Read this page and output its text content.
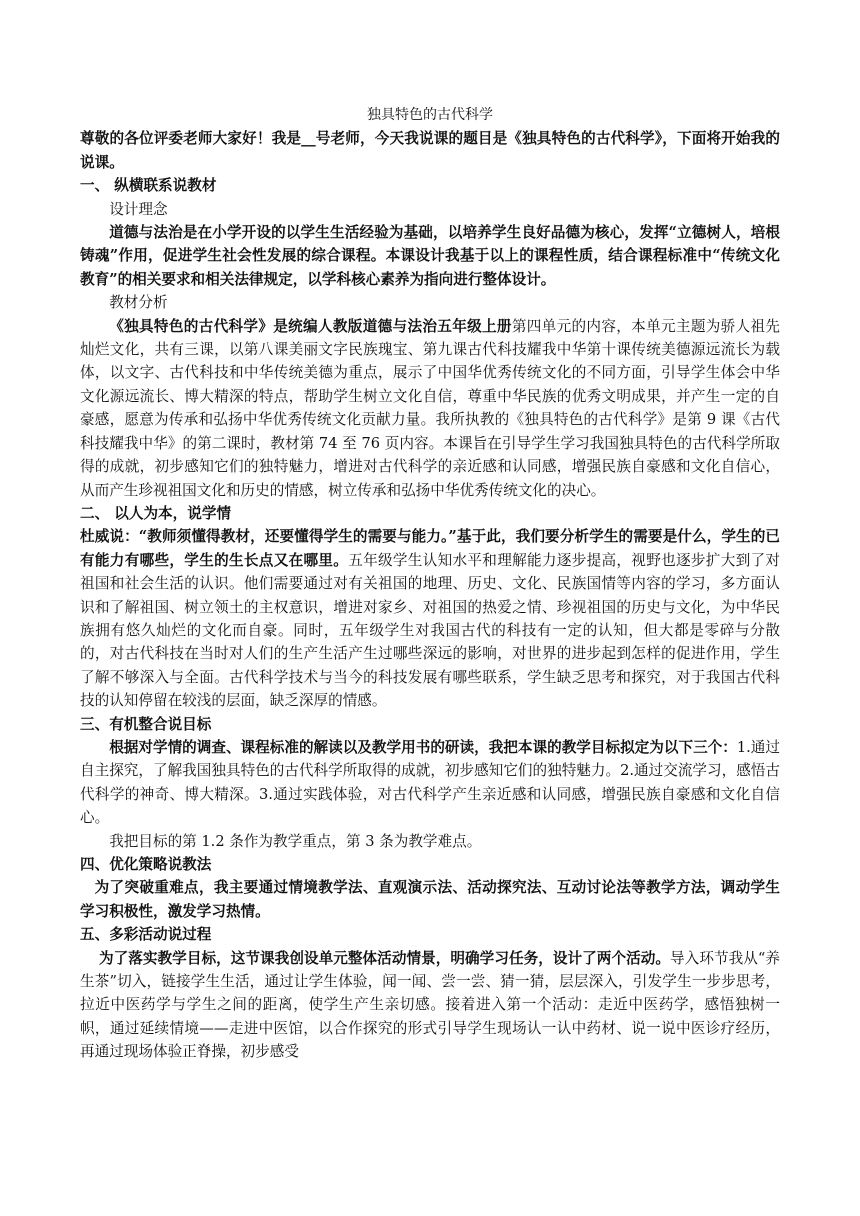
独具特色的古代科学

尊敬的各位评委老师大家好！我是__号老师，今天我说课的题目是《独具特色的古代科学》，下面将开始我的说课。

一、 纵横联系说教材

设计理念

道德与法治是在小学开设的以学生生活经验为基础，以培养学生良好品德为核心，发挥“立德树人，培根铸魂”作用，促进学生社会性发展的综合课程。本课设计我基于以上的课程性质，结合课程标准中“传统文化教育”的相关要求和相关法律规定，以学科核心素养为指向进行整体设计。

教材分析

《独具特色的古代科学》是统编人教版道德与法治五年级上册第四单元的内容，本单元主题为骄人祖先灿烂文化，共有三课，以第八课美丽文字民族瑰宝、第九课古代科技耀我中华第十课传统美德源远流长为载体，以文字、古代科技和中华传统美德为重点，展示了中国华优秀传统文化的不同方面，引导学生体会中华文化源远流长、博大精深的特点，帮助学生树立文化自信，尊重中华民族的优秀文明成果，并产生一定的自豪感，愿意为传承和弘扬中华优秀传统文化贡献力量。我所执教的《独具特色的古代科学》是第 9 课《古代科技耀我中华》的第二课时，教材第 74 至 76 页内容。本课旨在引导学生学习我国独具特色的古代科学所取得的成就，初步感知它们的独特魅力，增进对古代科学的亲近感和认同感，增强民族自豪感和文化自信心，从而产生珍视祖国文化和历史的情感，树立传承和弘扬中华优秀传统文化的决心。

二、 以人为本，说学情

杜威说：“教师须懂得教材，还要懂得学生的需要与能力。”基于此，我们要分析学生的需要是什么，学生的已有能力有哪些，学生的生长点又在哪里。五年级学生认知水平和理解能力逐步提高，视野也逐步扩大到了对祖国和社会生活的认识。他们需要通过对有关祖国的地理、历史、文化、民族国情等内容的学习，多方面认识和了解祖国、树立领土的主权意识，增进对家乡、对祖国的热爱之情、珍视祖国的历史与文化，为中华民族拥有悠久灿烂的文化而自豪。同时，五年级学生对我国古代的科技有一定的认知，但大都是零碎与分散的，对古代科技在当时对人们的生产生活产生过哪些深远的影响，对世界的进步起到怎样的促进作用，学生了解不够深入与全面。古代科学技术与当今的科技发展有哪些联系，学生缺乏思考和探究，对于我国古代科技的认知停留在较浅的层面，缺乏深厚的情感。

三、有机整合说目标

根据对学情的调查、课程标准的解读以及教学用书的研读，我把本课的教学目标拟定为以下三个：1.通过自主探究，了解我国独具特色的古代科学所取得的成就，初步感知它们的独特魅力。2.通过交流学习，感悟古代科学的神奇、博大精深。3.通过实践体验，对古代科学产生亲近感和认同感，增强民族自豪感和文化自信心。

我把目标的第 1.2 条作为教学重点，第 3 条为教学难点。

四、优化策略说教法

为了突破重难点，我主要通过情境教学法、直观演示法、活动探究法、互动讨论法等教学方法，调动学生学习积极性，激发学习热情。

五、多彩活动说过程

为了落实教学目标，这节课我创设单元整体活动情景，明确学习任务，设计了两个活动。导入环节我从“养生茶”切入，链接学生生活，通过让学生体验，闻一闻、尝一尝、猜一猜，层层深入，引发学生一步步思考，拉近中医药学与学生之间的距离，使学生产生亲切感。接着进入第一个活动：走近中医药学，感悟独树一帜，通过延续情境——走进中医馆，以合作探究的形式引导学生现场认一认中药材、说一说中医诊疗经历，再通过现场体验正脊操，初步感受
